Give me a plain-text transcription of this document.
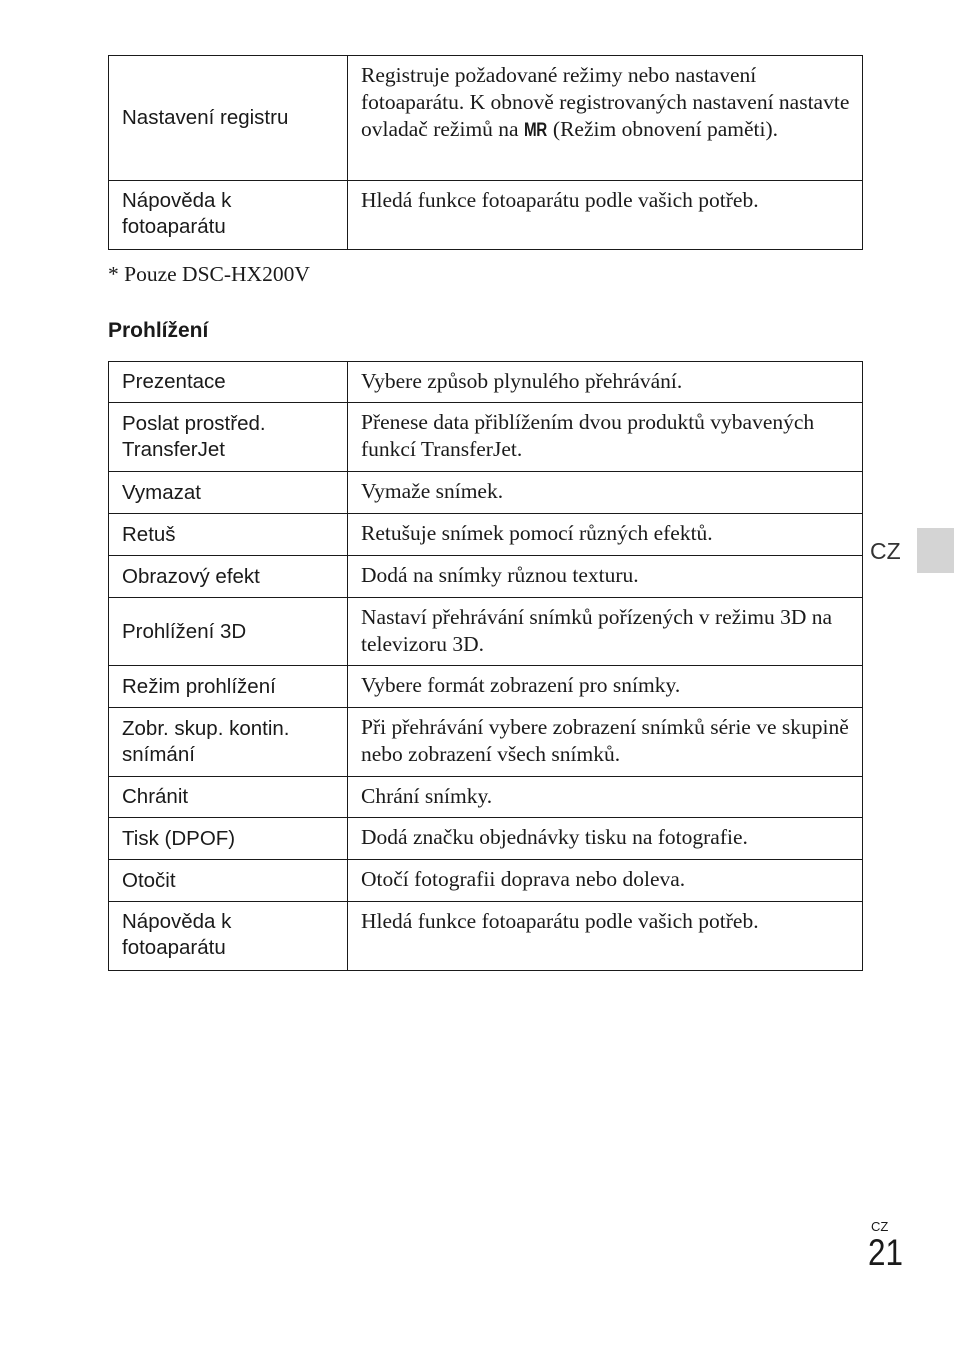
Nastavení registru	Registruje požadované režimy nebo nastavení fotoaparátu. K obnově registrovaných nastavení nastavte ovladač režimů na MR (Režim obnovení paměti).
Nápověda k fotoaparátu	Hledá funkce fotoaparátu podle vašich potřeb.
* Pouze DSC-HX200V
Prohlížení
Prezentace	Vybere způsob plynulého přehrávání.
Poslat prostřed. TransferJet	Přenese data přiblížením dvou produktů vybavených funkcí TransferJet.
Vymazat	Vymaže snímek.
Retuš	Retušuje snímek pomocí různých efektů.
Obrazový efekt	Dodá na snímky různou texturu.
Prohlížení 3D	Nastaví přehrávání snímků pořízených v režimu 3D na televizoru 3D.
Režim prohlížení	Vybere formát zobrazení pro snímky.
Zobr. skup. kontin. snímání	Při přehrávání vybere zobrazení snímků série ve skupině nebo zobrazení všech snímků.
Chránit	Chrání snímky.
Tisk (DPOF)	Dodá značku objednávky tisku na fotografie.
Otočit	Otočí fotografii doprava nebo doleva.
Nápověda k fotoaparátu	Hledá funkce fotoaparátu podle vašich potřeb.
CZ
CZ
21
